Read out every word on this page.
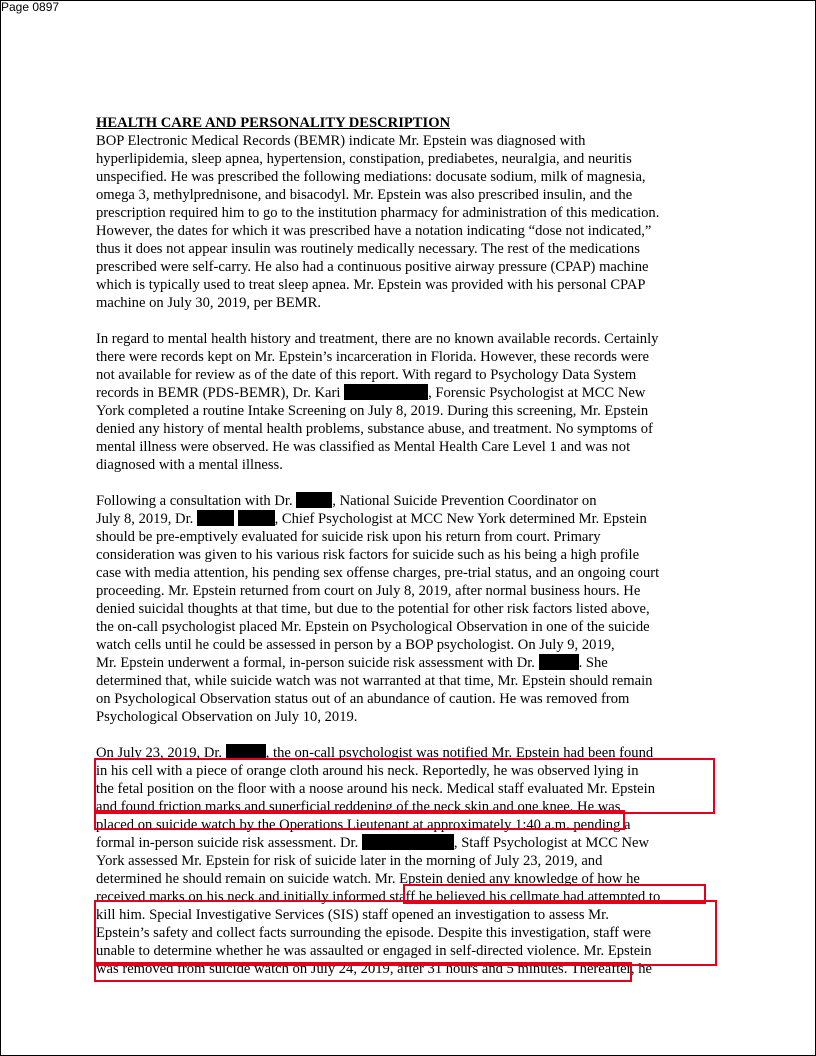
Page 0897

HEALTH CARE AND PERSONALITY DESCRIPTION

BOP Electronic Medical Records (BEMR) indicate Mr. Epstein was diagnosed with
hyperlipidemia, sleep apnea, hypertension, constipation, prediabetes, neuralgia, and neuritis
unspecified. He was prescribed the following mediations: docusate sodium, milk of magnesia,
omega 3, methylprednisone, and bisacodyl. Mr. Epstein was also prescribed insulin, and the
prescription required him to go to the institution pharmacy for administration of this medication.
However, the dates for which it was prescribed have a notation indicating “dose not indicated,”
thus it does not appear insulin was routinely medically necessary. The rest of the medications
prescribed were self-carry. He also had a continuous positive airway pressure (CPAP) machine
which is typically used to treat sleep apnea. Mr. Epstein was provided with his personal CPAP
machine on July 30, 2019, per BEMR.
In regard to mental health history and treatment, there are no known available records. Certainly
there were records kept on Mr. Epstein’s incarceration in Florida. However, these records were
not available for review as of the date of this report. With regard to Psychology Data System
records in BEMR (PDS-BEMR), Dr. Kari	, Forensic Psychologist at MCC New
York completed a routine Intake Screening on July 8, 2019. During this screening, Mr. Epstein
denied any history of mental health problems, substance abuse, and treatment. No symptoms of
mental illness were observed. He was classified as Mental Health Care Level 1 and was not
diagnosed with a mental illness.
Following a consultation with Dr. , National Suicide Prevention Coordinator on
July 8, 2019, Dr.	, Chief Psychologist at MCC New York determined Mr. Epstein
should be pre-emptively evaluated for suicide risk upon his return from court. Primary
consideration was given to his various risk factors for suicide such as his being a high profile
case with media attention, his pending sex offense charges, pre-trial status, and an ongoing court
proceeding. Mr. Epstein returned from court on July 8, 2019, after normal business hours. He
denied suicidal thoughts at that time, but due to the potential for other risk factors listed above,
the on-call psychologist placed Mr. Epstein on Psychological Observation in one of the suicide
watch cells until he could be assessed in person by a BOP psychologist. On July 9, 2019,
Mr. Epstein underwent a formal, in-person suicide risk assessment with Dr.	. She
determined that, while suicide watch was not warranted at that time, Mr. Epstein should remain
on Psychological Observation status out of an abundance of caution. He was removed from
Psychological Observation on July 10, 2019.
On July 23, 2019, Dr.	, the on-call psychologist was notified Mr. Epstein had been found
in his cell with a piece of orange cloth around his neck. Reportedly, he was observed lying in
the fetal position on the floor with a noose around his neck. Medical staff evaluated Mr. Epstein
and found friction marks and superficial reddening of the neck skin and one knee. He was
placed on suicide watch by the Operations Lieutenant at approximately 1:40 a.m. pending a
formal in-person suicide risk assessment. Dr.	, Staff Psychologist at MCC New
York assessed Mr. Epstein for risk of suicide later in the morning of July 23, 2019, and
determined he should remain on suicide watch. Mr. Epstein denied any knowledge of how he
received marks on his neck and initially informed staff he believed his cellmate had attempted to
kill him. Special Investigative Services (SIS) staff opened an investigation to assess Mr.
Epstein’s safety and collect facts surrounding the episode. Despite this investigation, staff were
unable to determine whether he was assaulted or engaged in self-directed violence. Mr. Epstein
was removed from suicide watch on July 24, 2019, after 31 hours and 5 minutes. Thereafter, he
